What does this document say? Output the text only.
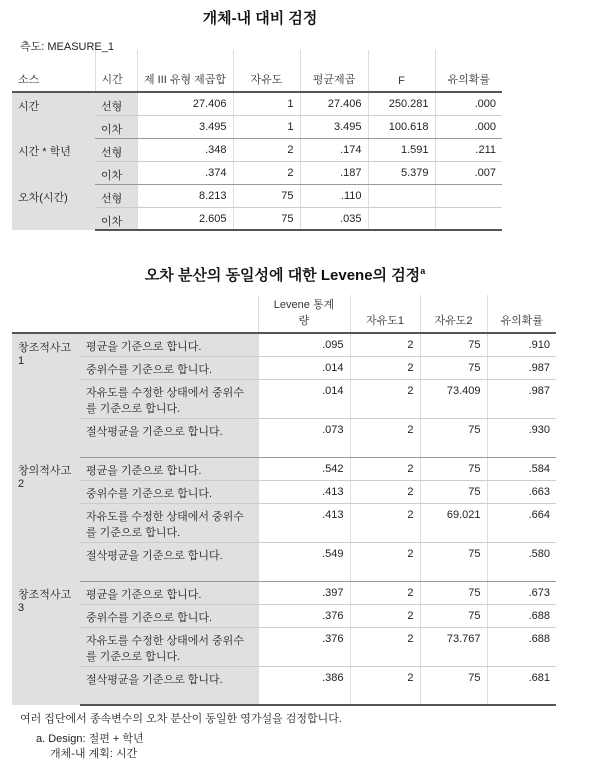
개체-내 대비 검정
측도: MEASURE_1
소스	시간	제 III 유형 제곱합	자유도	평균제곱	F	유의확률
시간	선형	27.406	1	27.406	250.281	.000
	이차	3.495	1	3.495	100.618	.000
시간 * 학년	선형	.348	2	.174	1.591	.211
	이차	.374	2	.187	5.379	.007
오차(시간)	선형	8.213	75	.110		
	이차	2.605	75	.035		
오차 분산의 동일성에 대한 Levene의 검정$^a$
		Levene 통계량	자유도1	자유도2	유의확률
창조적사고1	평균을 기준으로 합니다.	.095	2	75	.910
	중위수를 기준으로 합니다.	.014	2	75	.987
	자유도를 수정한 상태에서 중위수를 기준으로 합니다.	.014	2	73.409	.987
	절삭평균을 기준으로 합니다.	.073	2	75	.930
창의적사고2	평균을 기준으로 합니다.	.542	2	75	.584
	중위수를 기준으로 합니다.	.413	2	75	.663
	자유도를 수정한 상태에서 중위수를 기준으로 합니다.	.413	2	69.021	.664
	절삭평균을 기준으로 합니다.	.549	2	75	.580
창조적사고3	평균을 기준으로 합니다.	.397	2	75	.673
	중위수를 기준으로 합니다.	.376	2	75	.688
	자유도를 수정한 상태에서 중위수를 기준으로 합니다.	.376	2	73.767	.688
	절삭평균을 기준으로 합니다.	.386	2	75	.681
여러 집단에서 종속변수의 오차 분산이 동일한 영가설을 검정합니다.
a. Design: 절편 + 학년
개체-내 계획: 시간
